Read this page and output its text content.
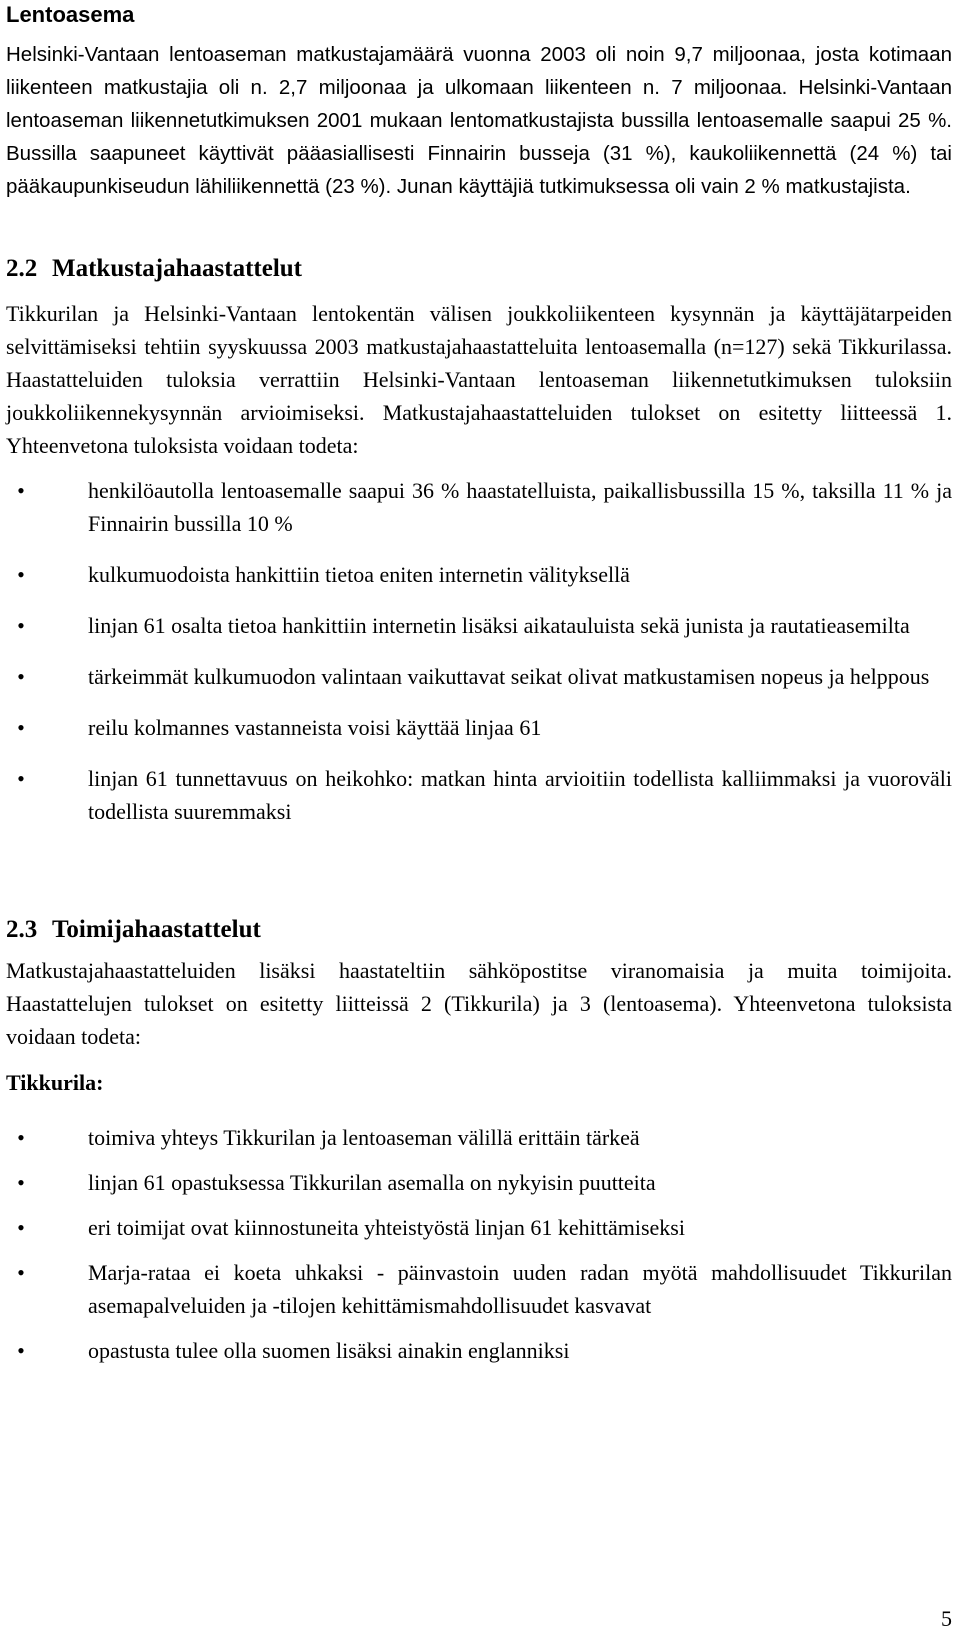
Lentoasema

Helsinki-Vantaan lentoaseman matkustajamäärä vuonna 2003 oli noin 9,7 miljoonaa, josta kotimaan liikenteen matkustajia oli n. 2,7 miljoonaa ja ulkomaan liikenteen n. 7 miljoonaa. Helsinki-Vantaan lentoaseman liikennetutkimuksen 2001 mukaan lentomatkustajista bussilla lentoasemalle saapui 25 %. Bussilla saapuneet käyttivät pääasiallisesti Finnairin busseja (31 %), kaukoliikennettä (24 %) tai pääkaupunkiseudun lähiliikennettä (23 %). Junan käyttäjiä tutkimuksessa oli vain 2 % matkustajista.

2.2 Matkustajahaastattelut

Tikkurilan ja Helsinki-Vantaan lentokentän välisen joukkoliikenteen kysynnän ja käyttäjätarpeiden selvittämiseksi tehtiin syyskuussa 2003 matkustajahaastatteluita lentoasemalla (n=127) sekä Tikkurilassa. Haastatteluiden tuloksia verrattiin Helsinki-Vantaan lentoaseman liikennetutkimuksen tuloksiin joukkoliikennekysynnän arvioimiseksi. Matkustajahaastatteluiden tulokset on esitetty liitteessä 1. Yhteenvetona tuloksista voidaan todeta:

•	henkilöautolla lentoasemalle saapui 36 % haastatelluista, paikallisbussilla 15 %, taksilla 11 % ja Finnairin bussilla 10 %
•	kulkumuodoista hankittiin tietoa eniten internetin välityksellä
•	linjan 61 osalta tietoa hankittiin internetin lisäksi aikatauluista sekä junista ja rautatieasemilta
•	tärkeimmät kulkumuodon valintaan vaikuttavat seikat olivat matkustamisen nopeus ja helppous
•	reilu kolmannes vastanneista voisi käyttää linjaa 61
•	linjan 61 tunnettavuus on heikohko: matkan hinta arvioitiin todellista kalliimmaksi ja vuoroväli todellista suuremmaksi
2.3 Toimijahaastattelut

Matkustajahaastatteluiden lisäksi haastateltiin sähköpostitse viranomaisia ja muita toimijoita. Haastattelujen tulokset on esitetty liitteissä 2 (Tikkurila) ja 3 (lentoasema). Yhteenvetona tuloksista voidaan todeta:

Tikkurila:
•	toimiva yhteys Tikkurilan ja lentoaseman välillä erittäin tärkeä
•	linjan 61 opastuksessa Tikkurilan asemalla on nykyisin puutteita
•	eri toimijat ovat kiinnostuneita yhteistyöstä linjan 61 kehittämiseksi
•	Marja-rataa ei koeta uhkaksi - päinvastoin uuden radan myötä mahdollisuudet Tikkurilan asemapalveluiden ja -tilojen kehittämismahdollisuudet kasvavat
•	opastusta tulee olla suomen lisäksi ainakin englanniksi
5
